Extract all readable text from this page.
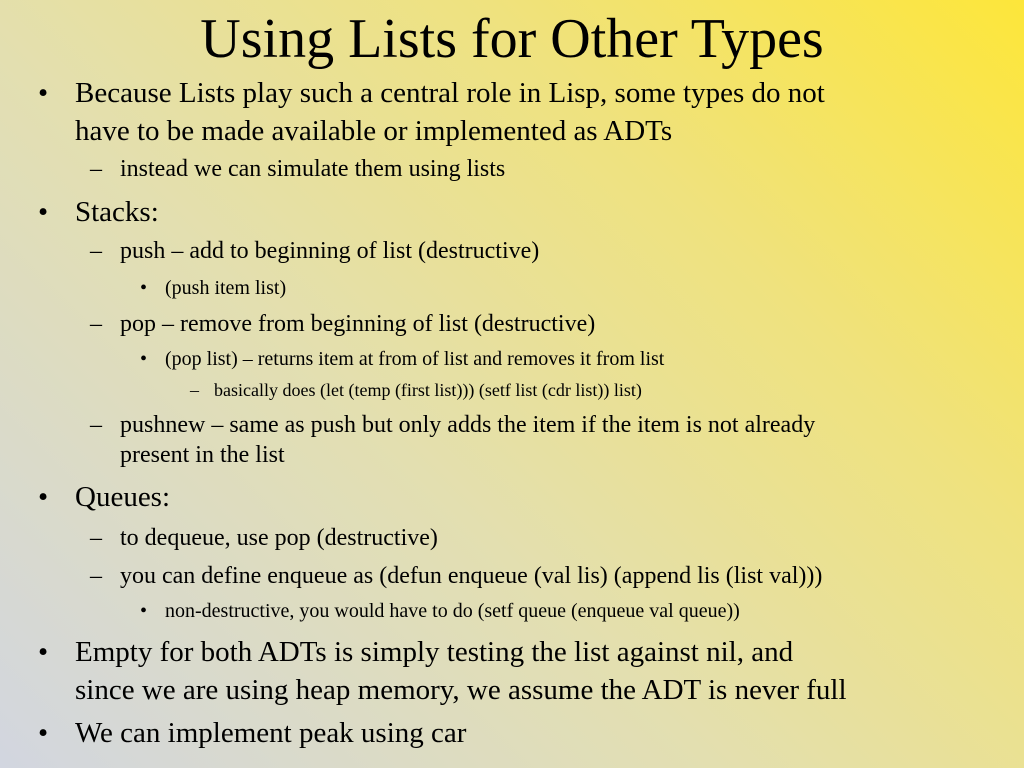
Using Lists for Other Types
• Because Lists play such a central role in Lisp, some types do not
have to be made available or implemented as ADTs
– instead we can simulate them using lists
• Stacks:
– push – add to beginning of list (destructive)
• (push item list)
– pop – remove from beginning of list (destructive)
• (pop list) – returns item at from of list and removes it from list
– basically does (let (temp (first list))) (setf list (cdr list)) list)
– pushnew – same as push but only adds the item if the item is not already
present in the list
• Queues:
– to dequeue, use pop (destructive)
– you can define enqueue as (defun enqueue (val lis) (append lis (list val)))
• non-destructive, you would have to do (setf queue (enqueue val queue))
• Empty for both ADTs is simply testing the list against nil, and
since we are using heap memory, we assume the ADT is never full
• We can implement peak using car
